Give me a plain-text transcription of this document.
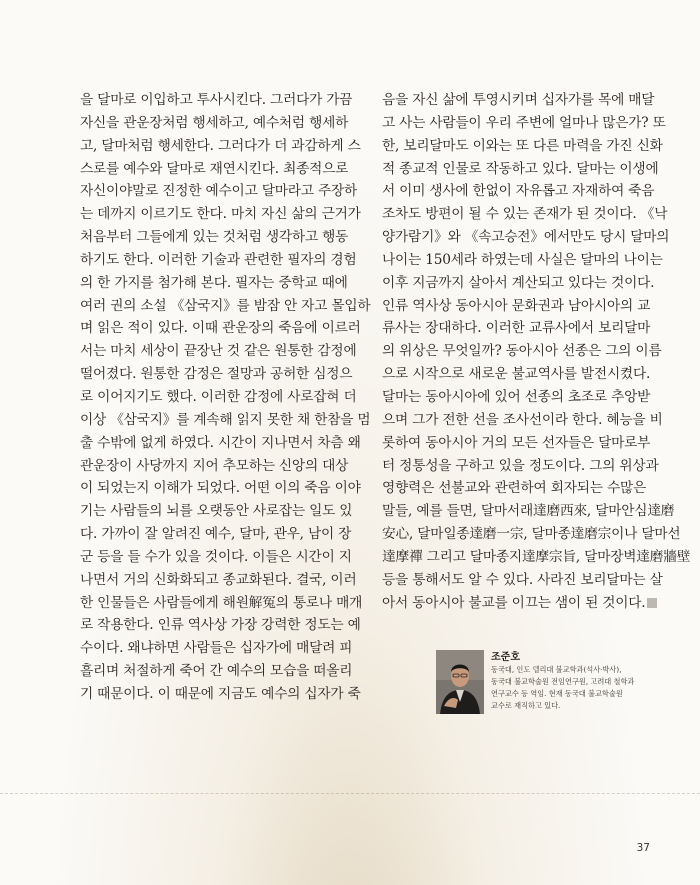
을 달마로 이입하고 투사시킨다. 그러다가 가끔
자신을 관운장처럼 행세하고, 예수처럼 행세하
고, 달마처럼 행세한다. 그러다가 더 과감하게 스
스로를 예수와 달마로 재연시킨다. 최종적으로
자신이야말로 진정한 예수이고 달마라고 주장하
는 데까지 이르기도 한다. 마치 자신 삶의 근거가
처음부터 그들에게 있는 것처럼 생각하고 행동
하기도 한다. 이러한 기술과 관련한 필자의 경험
의 한 가지를 첨가해 본다. 필자는 중학교 때에
여러 권의 소설 《삼국지》를 밤잠 안 자고 몰입하
며 읽은 적이 있다. 이때 관운장의 죽음에 이르러
서는 마치 세상이 끝장난 것 같은 원통한 감정에
떨어졌다. 원통한 감정은 절망과 공허한 심정으
로 이어지기도 했다. 이러한 감정에 사로잡혀 더
이상 《삼국지》를 계속해 읽지 못한 채 한참을 멈
출 수밖에 없게 하였다. 시간이 지나면서 차츰 왜
관운장이 사당까지 지어 추모하는 신앙의 대상
이 되었는지 이해가 되었다. 어떤 이의 죽음 이야
기는 사람들의 뇌를 오랫동안 사로잡는 일도 있
다. 가까이 잘 알려진 예수, 달마, 관우, 남이 장
군 등을 들 수가 있을 것이다. 이들은 시간이 지
나면서 거의 신화화되고 종교화된다. 결국, 이러
한 인물들은 사람들에게 해원解冤의 통로나 매개
로 작용한다. 인류 역사상 가장 강력한 정도는 예
수이다. 왜냐하면 사람들은 십자가에 매달려 피
흘리며 처절하게 죽어 간 예수의 모습을 떠올리
기 때문이다. 이 때문에 지금도 예수의 십자가 죽
음을 자신 삶에 투영시키며 십자가를 목에 매달
고 사는 사람들이 우리 주변에 얼마나 많은가? 또
한, 보리달마도 이와는 또 다른 마력을 가진 신화
적 종교적 인물로 작동하고 있다. 달마는 이생에
서 이미 생사에 한없이 자유롭고 자재하여 죽음
조차도 방편이 될 수 있는 존재가 된 것이다. 《낙
양가람기》와 《속고승전》에서만도 당시 달마의
나이는 150세라 하였는데 사실은 달마의 나이는
이후 지금까지 살아서 계산되고 있다는 것이다.
인류 역사상 동아시아 문화권과 남아시아의 교
류사는 장대하다. 이러한 교류사에서 보리달마
의 위상은 무엇일까? 동아시아 선종은 그의 이름
으로 시작으로 새로운 불교역사를 발전시켰다.
달마는 동아시아에 있어 선종의 초조로 추앙받
으며 그가 전한 선을 조사선이라 한다. 혜능을 비
롯하여 동아시아 거의 모든 선자들은 달마로부
터 정통성을 구하고 있을 정도이다. 그의 위상과
영향력은 선불교와 관련하여 회자되는 수많은
말들, 예를 들면, 달마서래達磨西來, 달마안심達磨
安心, 달마일종達磨一宗, 달마종達磨宗이나 달마선
達摩禪 그리고 달마종지達摩宗旨, 달마장벽達磨牆壁
등을 통해서도 알 수 있다. 사라진 보리달마는 살
아서 동아시아 불교를 이끄는 샘이 된 것이다.
조준호
동국대, 인도 델리대 불교학과(석사·박사),
동국대 불교학술원 전임연구원, 고려대 철학과
연구교수 등 역임. 현재 동국대 불교학술원
교수로 재직하고 있다.
37
